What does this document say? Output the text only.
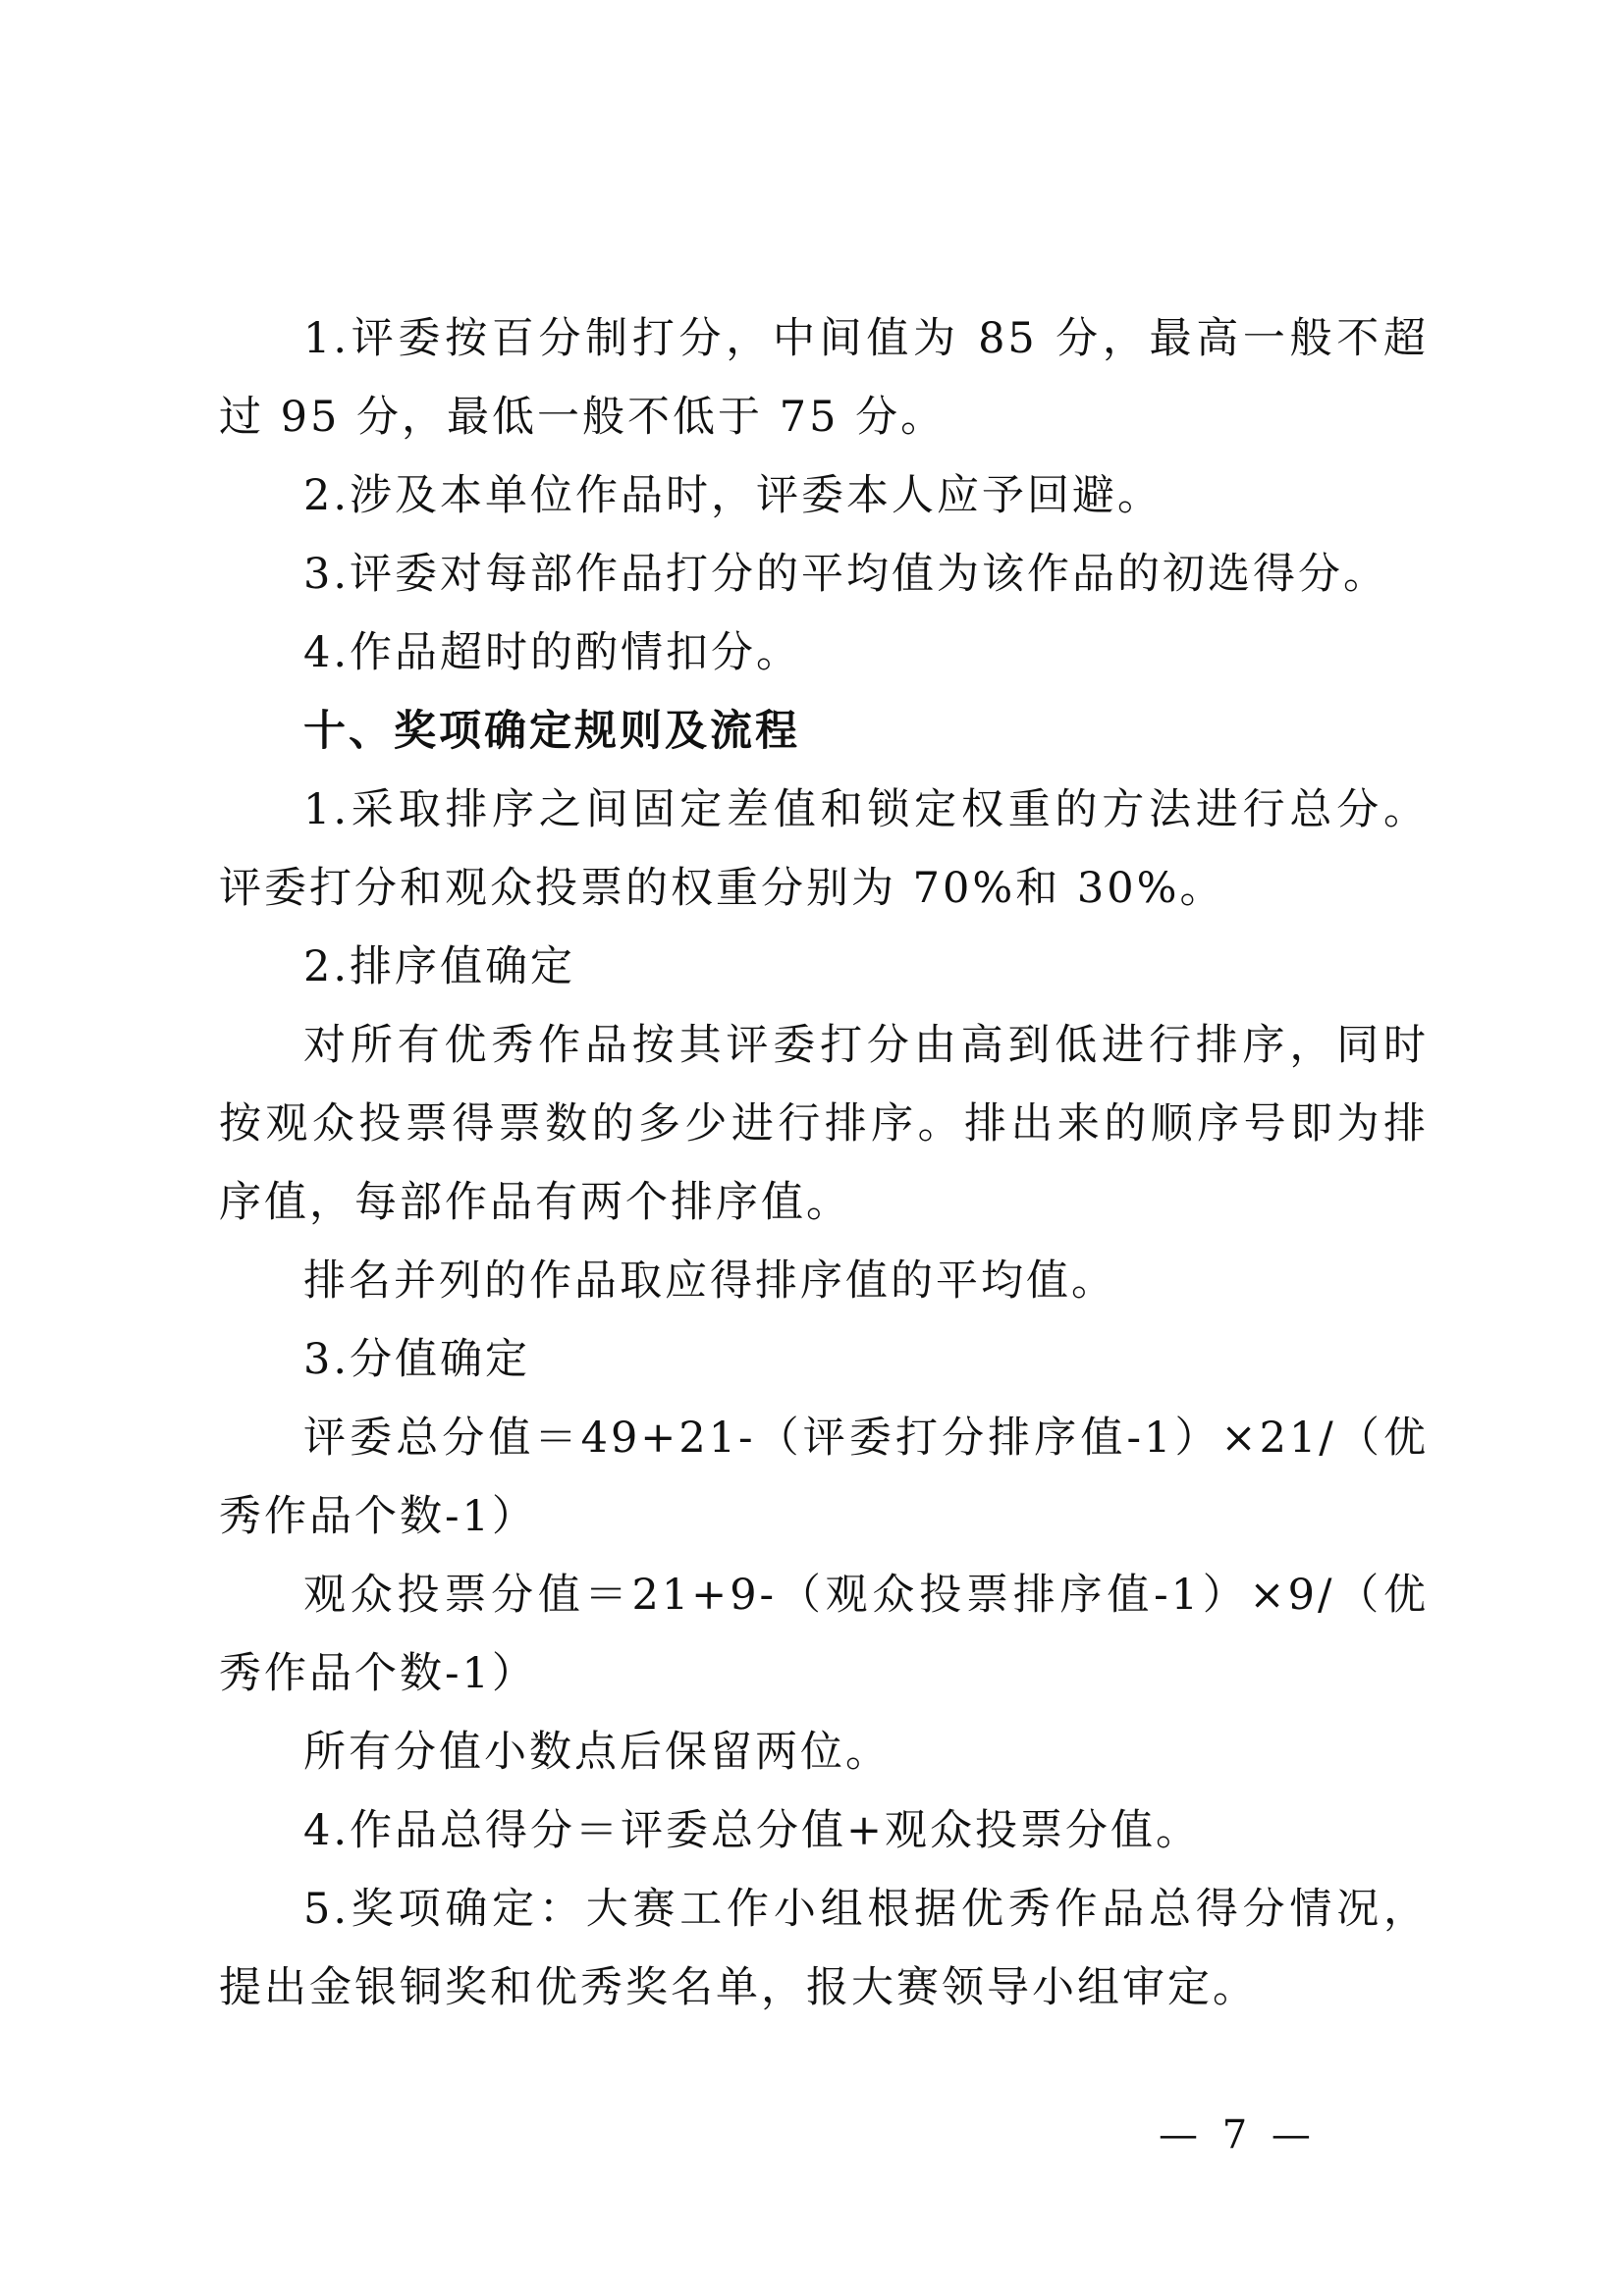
1.评委按百分制打分，中间值为 85 分，最高一般不超过 95 分，最低一般不低于 75 分。

2.涉及本单位作品时，评委本人应予回避。

3.评委对每部作品打分的平均值为该作品的初选得分。

4.作品超时的酌情扣分。

十、奖项确定规则及流程

1.采取排序之间固定差值和锁定权重的方法进行总分。评委打分和观众投票的权重分别为 70%和 30%。

2.排序值确定

对所有优秀作品按其评委打分由高到低进行排序，同时按观众投票得票数的多少进行排序。排出来的顺序号即为排序值，每部作品有两个排序值。

排名并列的作品取应得排序值的平均值。

3.分值确定

评委总分值＝49+21-（评委打分排序值-1）×21/（优秀作品个数-1）

观众投票分值＝21+9-（观众投票排序值-1）×9/（优秀作品个数-1）

所有分值小数点后保留两位。

4.作品总得分＝评委总分值+观众投票分值。

5.奖项确定：大赛工作小组根据优秀作品总得分情况，提出金银铜奖和优秀奖名单，报大赛领导小组审定。

— 7 —
